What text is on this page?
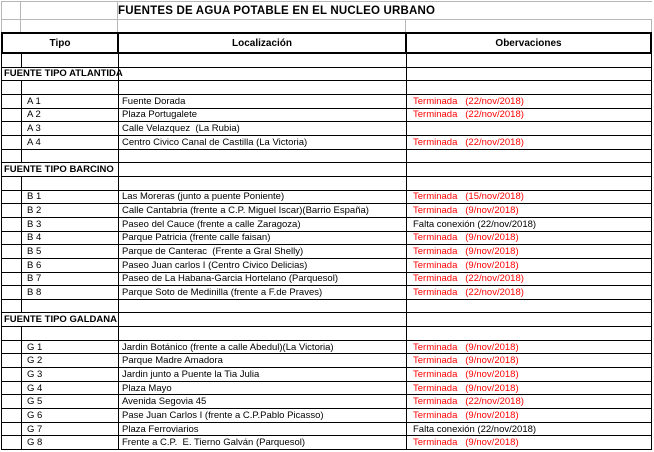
FUENTES DE AGUA POTABLE EN EL NUCLEO URBANO
Tipo	Localización	Obervaciones
FUENTE TIPO ATLANTIDA
A 1	Fuente Dorada	Terminada   (22/nov/2018)
A 2	Plaza Portugalete	Terminada   (22/nov/2018)
A 3	Calle Velazquez  (La Rubia)
A 4	Centro Civico Canal de Castilla (La Victoria)	Terminada   (22/nov/2018)
FUENTE TIPO BARCINO
B 1	Las Moreras (junto a puente Poniente)	Terminada   (15/nov/2018)
B 2	Calle Cantabria (frente a C.P. Miguel Iscar)(Barrio España)	Terminada   (9/nov/2018)
B 3	Paseo del Cauce (frente a calle Zaragoza)	Falta conexión (22/nov/2018)
B 4	Parque Patricia (frente calle faisan)	Terminada   (9/nov/2018)
B 5	Parque de Canterac  (Frente a Gral Shelly)	Terminada   (9/nov/2018)
B 6	Paseo Juan carlos I (Centro Civico Delicias)	Terminada   (9/nov/2018)
B 7	Paseo de La Habana-Garcia Hortelano (Parquesol)	Terminada   (22/nov/2018)
B 8	Parque Soto de Medinilla (frente a F.de Praves)	Terminada   (22/nov/2018)
FUENTE TIPO GALDANA
G 1	Jardin Botánico (frente a calle Abedul)(La Victoria)	Terminada   (9/nov/2018)
G 2	Parque Madre Amadora	Terminada   (9/nov/2018)
G 3	Jardin junto a Puente la Tia Julia	Terminada   (9/nov/2018)
G 4	Plaza Mayo	Terminada   (9/nov/2018)
G 5	Avenida Segovia 45	Terminada   (22/nov/2018)
G 6	Pase Juan Carlos I (frente a C.P.Pablo Picasso)	Terminada   (9/nov/2018)
G 7	Plaza Ferroviarios	Falta conexión (22/nov/2018)
G 8	Frente a C.P.  E. Tierno Galván (Parquesol)	Terminada   (9/nov/2018)
